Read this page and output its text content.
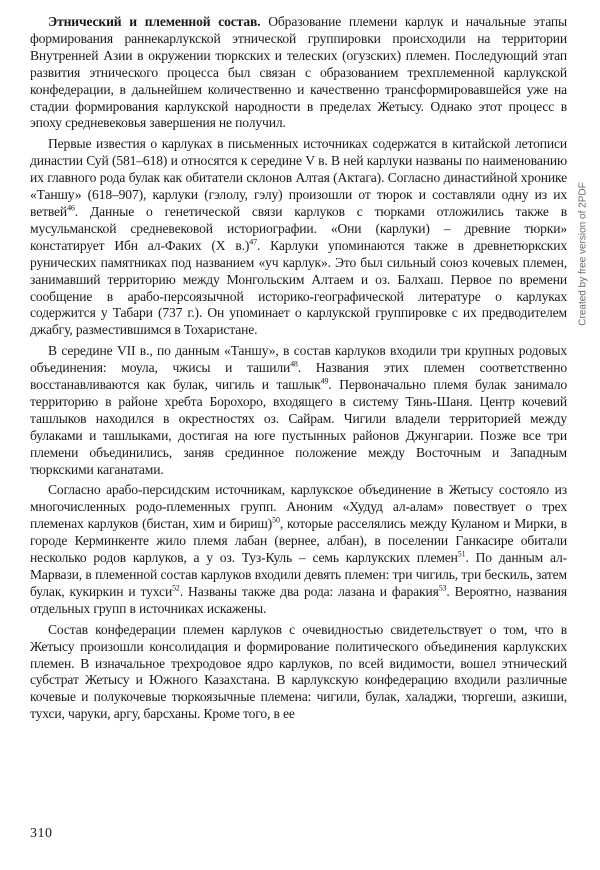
Этнический и племенной состав. Образование племени карлук и начальные этапы формирования раннекарлукской этнической группировки происходили на территории Внутренней Азии в окружении тюркских и телеских (огузских) племен. Последующий этап развития этнического процесса был связан с образованием трехплеменной карлукской конфедерации, в дальнейшем количественно и качественно трансформировавшейся уже на стадии формирования карлукской народности в пределах Жетысу. Однако этот процесс в эпоху средневековья завершения не получил.

Первые известия о карлуках в письменных источниках содержатся в китайской летописи династии Суй (581–618) и относятся к середине V в. В ней карлуки названы по наименованию их главного рода булак как обитатели склонов Алтая (Актага). Согласно династийной хронике «Таншу» (618–907), карлуки (гэлолу, гэлу) произошли от тюрок и составляли одну из их ветвей$^{46}$. Данные о генетической связи карлуков с тюрками отложились также в мусульманской средневековой историографии. «Они (карлуки) – древние тюрки» констатирует Ибн ал-Факих (X в.)$^{47}$. Карлуки упоминаются также в древнетюркских рунических памятниках под названием «уч карлук». Это был сильный союз кочевых племен, занимавший территорию между Монгольским Алтаем и оз. Балхаш. Первое по времени сообщение в арабо-персоязычной историко-географической литературе о карлуках содержится у Табари (737 г.). Он упоминает о карлукской группировке с их предводителем джабгу, разместившимся в Тохаристане.

В середине VII в., по данным «Таншу», в состав карлуков входили три крупных родовых объединения: моула, чжисы и ташили$^{48}$. Названия этих племен соответственно восстанавливаются как булак, чигиль и ташлык$^{49}$. Первоначально племя булак занимало территорию в районе хребта Борохоро, входящего в систему Тянь-Шаня. Центр кочевий ташлыков находился в окрестностях оз. Сайрам. Чигили владели территорией между булаками и ташлыками, достигая на юге пустынных районов Джунгарии. Позже все три племени объединились, заняв срединное положение между Восточным и Западным тюркскими каганатами.

Согласно арабо-персидским источникам, карлукское объединение в Жетысу состояло из многочисленных родо-племенных групп. Аноним «Худуд ал-алам» повествует о трех племенах карлуков (бистан, хим и бириш)$^{50}$, которые расселялись между Куланом и Мирки, в городе Керминкенте жило племя лабан (вернее, албан), в поселении Ганкасире обитали несколько родов карлуков, а у оз. Туз-Куль – семь карлукских племен$^{51}$. По данным ал-Марвази, в племенной состав карлуков входили девять племен: три чигиль, три бескиль, затем булак, кукиркин и тухси$^{52}$. Названы также два рода: лазана и фаракия$^{53}$. Вероятно, названия отдельных групп в источниках искажены.

Состав конфедерации племен карлуков с очевидностью свидетельствует о том, что в Жетысу произошли консолидация и формирование политического объединения карлукских племен. В изначальное трехродовое ядро карлуков, по всей видимости, вошел этнический субстрат Жетысу и Южного Казахстана. В карлукскую конфедерацию входили различные кочевые и полукочевые тюркоязычные племена: чигили, булак, халаджи, тюргеши, азкиши, тухси, чаруки, аргу, барсханы. Кроме того, в ее

310
Created by free version of 2PDF
